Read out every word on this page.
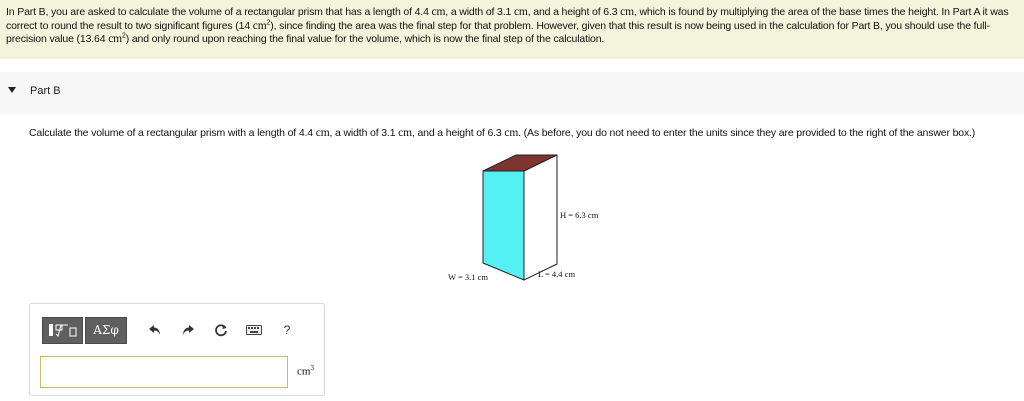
In Part B, you are asked to calculate the volume of a rectangular prism that has a length of 4.4 cm, a width of 3.1 cm, and a height of 6.3 cm, which is found by multiplying the area of the base times the height. In Part A it was correct to round the result to two significant figures (14 $cm^2$), since finding the area was the final step for that problem. However, given that this result is now being used in the calculation for Part B, you should use the full-precision value (13.64 $cm^2$) and only round upon reaching the final value for the volume, which is now the final step of the calculation.
Part B
Calculate the volume of a rectangular prism with a length of 4.4 cm, a width of 3.1 cm, and a height of 6.3 cm. (As before, you do not need to enter the units since they are provided to the right of the answer box.)
H = 6.3 cm
W = 3.1 cm	L = 4.4 cm
ΑΣφ	?
$cm^3$
